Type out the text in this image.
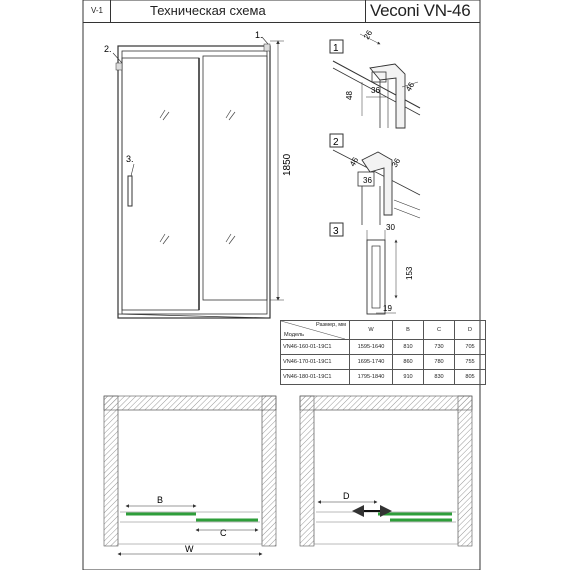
V-1	Техническая схема	Veconi VN-46
2.
1.
3.	1850
1
26
48
36	46
2
46
36
36
3	30
153
19
B
C
W
D
Размер, мм
Модель	W	B	C	D
VN46-160-01-19C1	1595-1640	810	730	705
VN46-170-01-19C1	1695-1740	860	780	755
VN46-180-01-19C1	1795-1840	910	830	805
